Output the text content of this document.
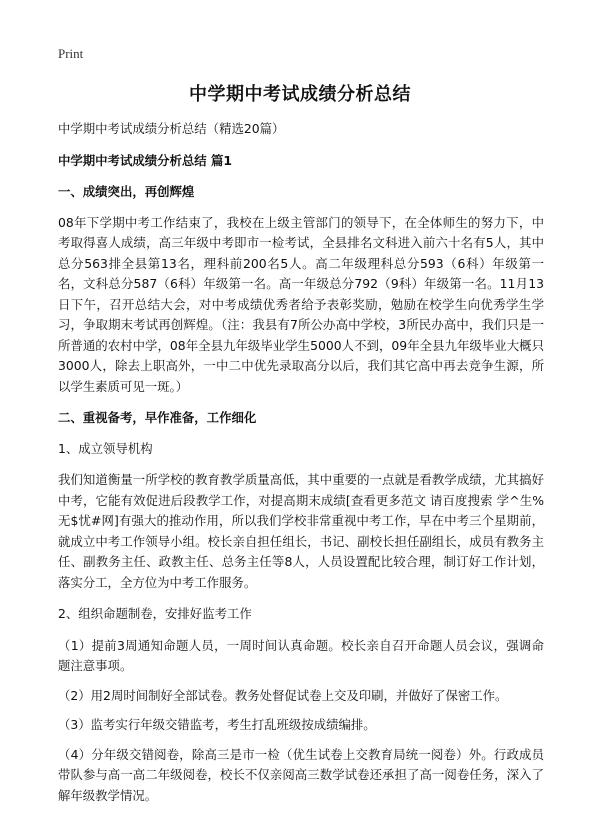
Print
中学期中考试成绩分析总结

中学期中考试成绩分析总结（精选20篇）

中学期中考试成绩分析总结 篇1

一、成绩突出，再创辉煌

08年下学期中考工作结束了，我校在上级主管部门的领导下，在全体师生的努力下，中考取得喜人成绩，高三年级中考即市一检考试，全县排名文科进入前六十名有5人，其中总分563排全县第13名，理科前200名5人。高二年级理科总分593（6科）年级第一名，文科总分587（6科）年级第一名。高一年级总分792（9科）年级第一名。11月13日下午，召开总结大会，对中考成绩优秀者给予表彰奖励，勉励在校学生向优秀学生学习，争取期末考试再创辉煌。（注：我县有7所公办高中学校，3所民办高中，我们只是一所普通的农村中学，08年全县九年级毕业学生5000人不到，09年全县九年级毕业大概只3000人，除去上职高外，一中二中优先录取高分以后，我们其它高中再去竞争生源，所以学生素质可见一斑。）

二、重视备考，早作准备，工作细化

1、成立领导机构

我们知道衡量一所学校的教育教学质量高低，其中重要的一点就是看教学成绩，尤其搞好中考，它能有效促进后段教学工作，对提高期末成绩[查看更多范文 请百度搜索 学^生%无$忧#网]有强大的推动作用，所以我们学校非常重视中考工作，早在中考三个星期前，就成立中考工作领导小组。校长亲自担任组长，书记、副校长担任副组长，成员有教务主任、副教务主任、政教主任、总务主任等8人，人员设置配比较合理，制订好工作计划，落实分工，全方位为中考工作服务。

2、组织命题制卷，安排好监考工作

（1）提前3周通知命题人员，一周时间认真命题。校长亲自召开命题人员会议，强调命题注意事项。

（2）用2周时间制好全部试卷。教务处督促试卷上交及印刷，并做好了保密工作。

（3）监考实行年级交错监考，考生打乱班级按成绩编排。

（4）分年级交错阅卷，除高三是市一检（优生试卷上交教育局统一阅卷）外。行政成员带队参与高一高二年级阅卷，校长不仅亲阅高三数学试卷还承担了高一阅卷任务，深入了解年级教学情况。
